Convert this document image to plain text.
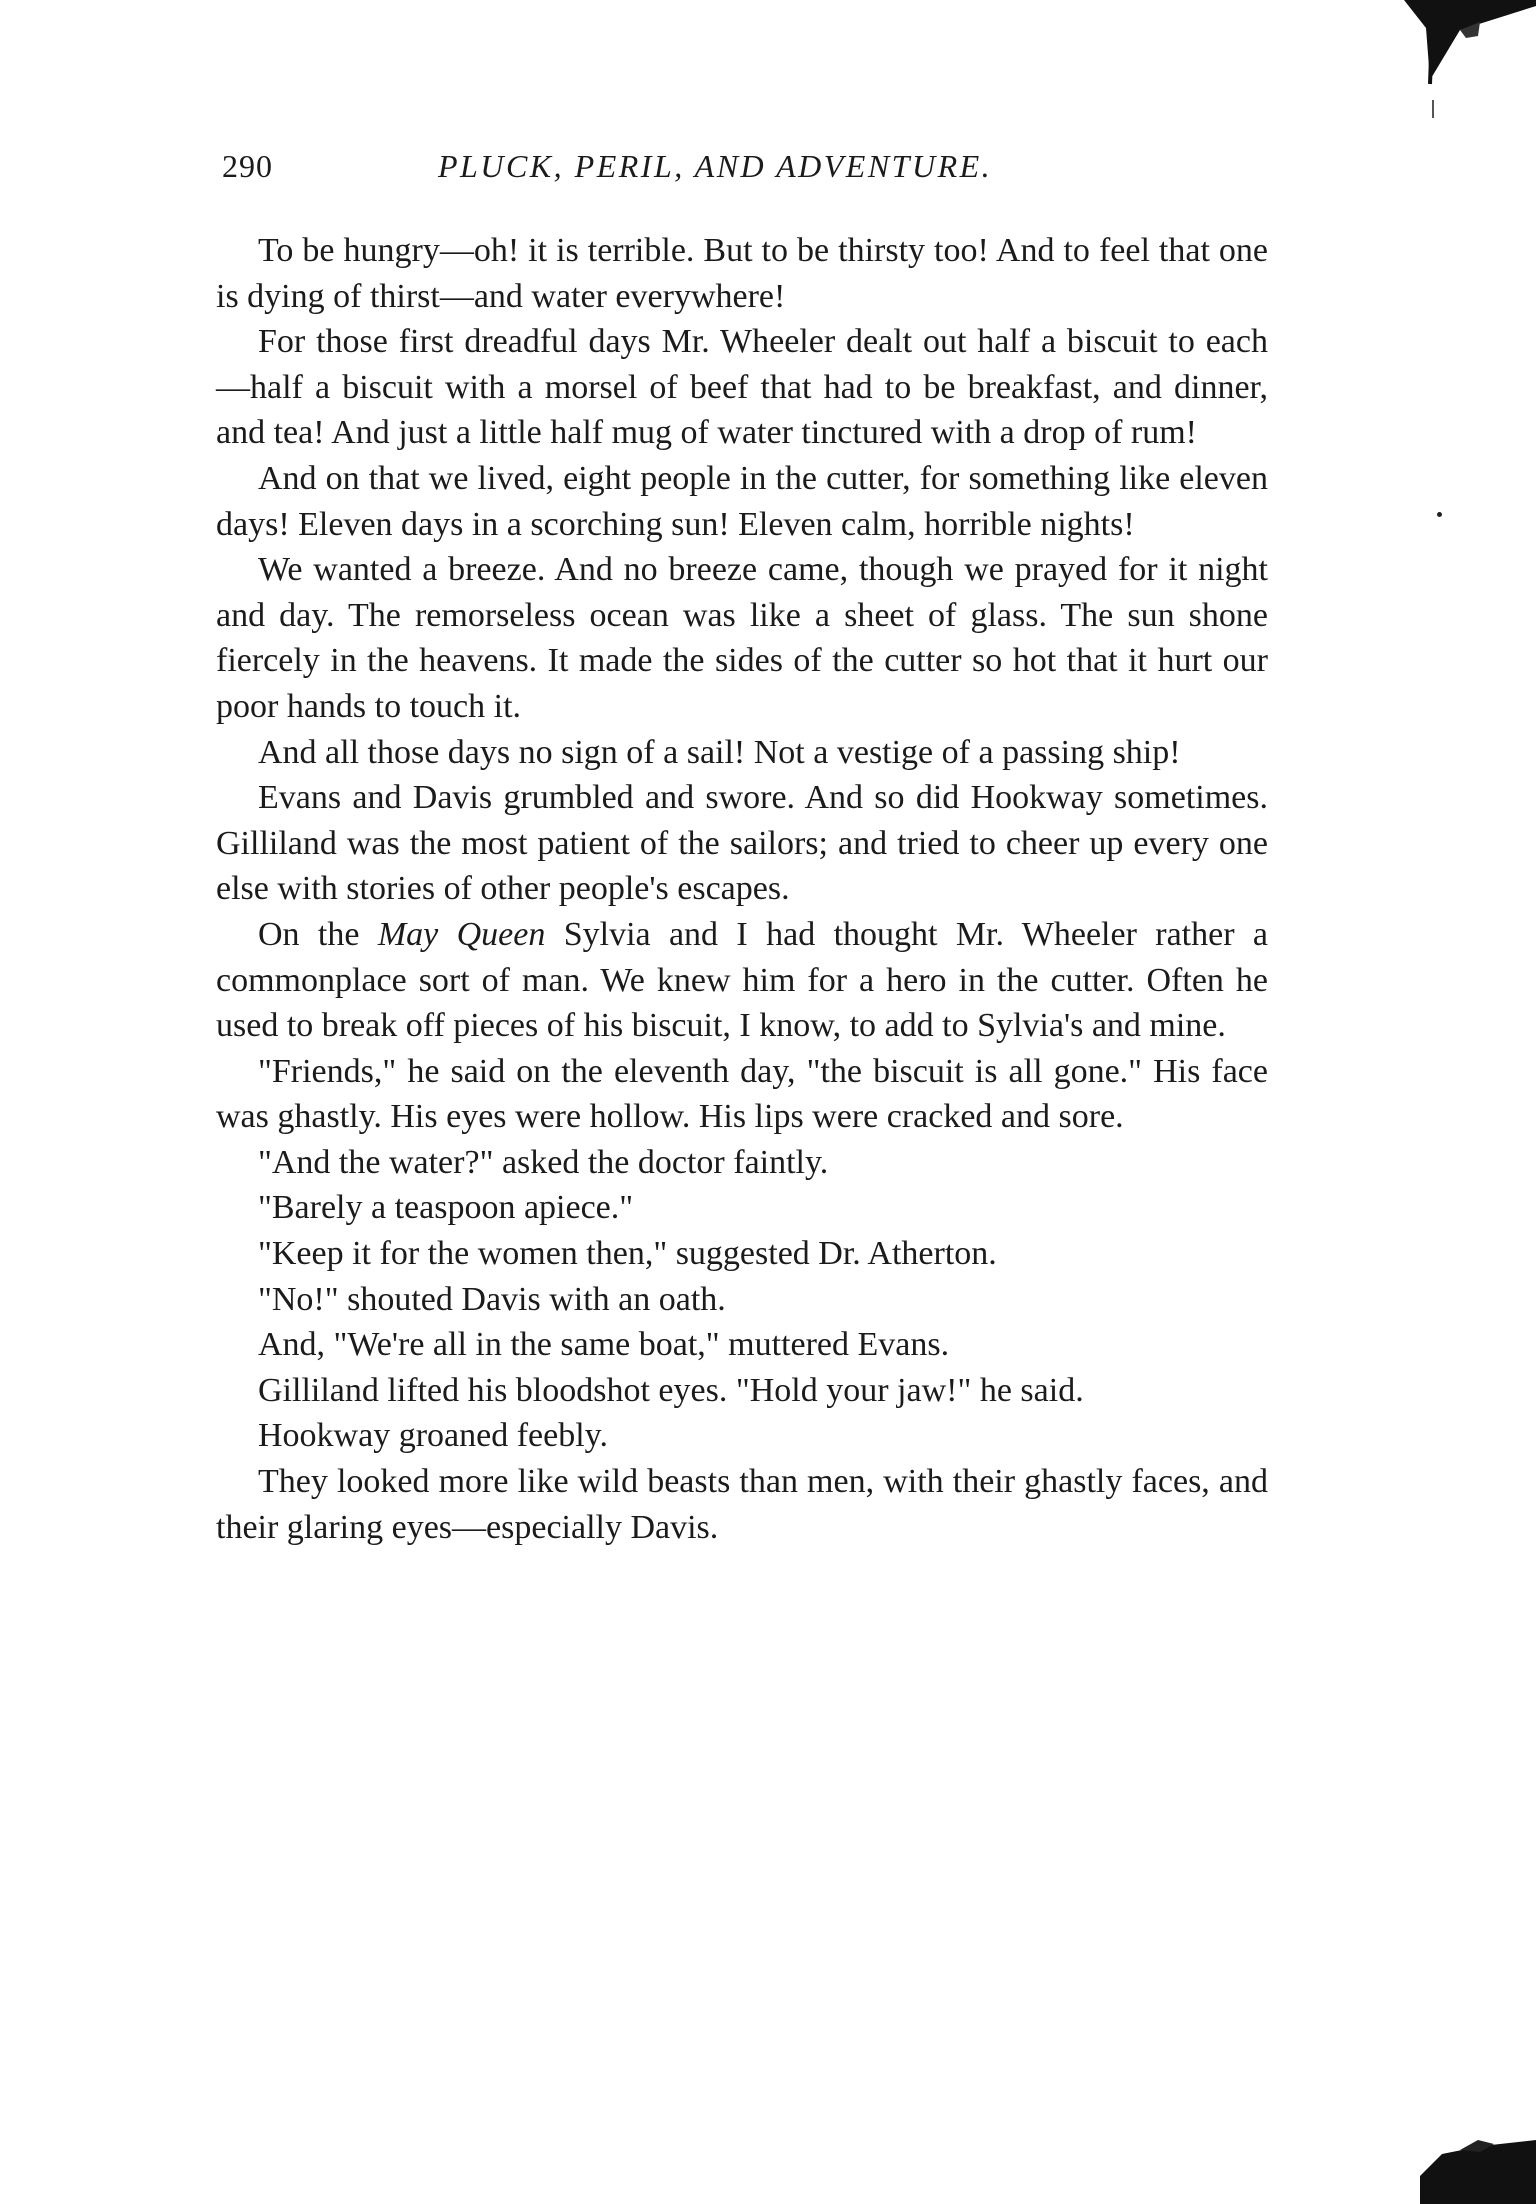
290	PLUCK, PERIL, AND ADVENTURE.

To be hungry—oh! it is terrible. But to be thirsty too! And to feel that one is dying of thirst—and water everywhere!

For those first dreadful days Mr. Wheeler dealt out half a biscuit to each—half a biscuit with a morsel of beef that had to be breakfast, and dinner, and tea! And just a little half mug of water tinctured with a drop of rum!

And on that we lived, eight people in the cutter, for something like eleven days! Eleven days in a scorching sun! Eleven calm, horrible nights!

We wanted a breeze. And no breeze came, though we prayed for it night and day. The remorseless ocean was like a sheet of glass. The sun shone fiercely in the heavens. It made the sides of the cutter so hot that it hurt our poor hands to touch it.

And all those days no sign of a sail! Not a vestige of a passing ship!

Evans and Davis grumbled and swore. And so did Hookway sometimes. Gilliland was the most patient of the sailors; and tried to cheer up every one else with stories of other people's escapes.

On the May Queen Sylvia and I had thought Mr. Wheeler rather a commonplace sort of man. We knew him for a hero in the cutter. Often he used to break off pieces of his biscuit, I know, to add to Sylvia's and mine.

"Friends," he said on the eleventh day, "the biscuit is all gone." His face was ghastly. His eyes were hollow. His lips were cracked and sore.

"And the water?" asked the doctor faintly.

"Barely a teaspoon apiece."

"Keep it for the women then," suggested Dr. Atherton.

"No!" shouted Davis with an oath.

And, "We're all in the same boat," muttered Evans.

Gilliland lifted his bloodshot eyes. "Hold your jaw!" he said.

Hookway groaned feebly.

They looked more like wild beasts than men, with their ghastly faces, and their glaring eyes—especially Davis.
